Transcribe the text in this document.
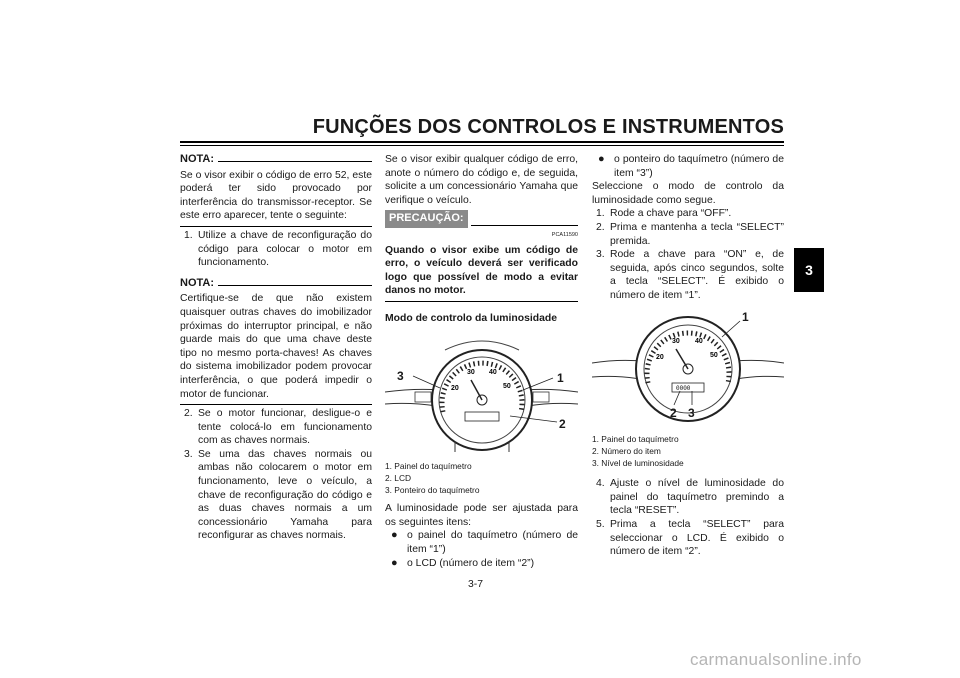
FUNÇÕES DOS CONTROLOS E INSTRUMENTOS
3
NOTA:

Se o visor exibir o código de erro 52, este poderá ter sido provocado por interferência do transmissor-receptor. Se este erro aparecer, tente o seguinte:

1. Utilize a chave de reconfiguração do código para colocar o motor em funcionamento.
NOTA:

Certifique-se de que não existem quaisquer outras chaves do imobilizador próximas do interruptor principal, e não guarde mais do que uma chave deste tipo no mesmo porta-chaves! As chaves do sistema imobilizador podem provocar interferência, o que poderá impedir o motor de funcionar.

2. Se o motor funcionar, desligue-o e tente colocá-lo em funcionamento com as chaves normais.
3. Se uma das chaves normais ou ambas não colocarem o motor em funcionamento, leve o veículo, a chave de reconfiguração do código e as duas chaves normais a um concessionário Yamaha para reconfigurar as chaves normais.

Se o visor exibir qualquer código de erro, anote o número do código e, de seguida, solicite a um concessionário Yamaha que verifique o veículo.

PRECAUÇÃO:
PCA11590

Quando o visor exibe um código de erro, o veículo deverá ser verificado logo que possível de modo a evitar danos no motor.

Modo de controlo da luminosidade

20
30 40
50
3	1
2
1. Painel do taquímetro
2. LCD
3. Ponteiro do taquímetro

A luminosidade pode ser ajustada para os seguintes itens:

● o painel do taquímetro (número de item “1”)
● o LCD (número de item “2”)
● o ponteiro do taquímetro (número de item “3”)

Seleccione o modo de controlo da luminosidade como segue.

1. Rode a chave para “OFF”.
2. Prima e mantenha a tecla “SELECT” premida.
3. Rode a chave para “ON” e, de seguida, após cinco segundos, solte a tecla “SELECT”. É exibido o número de item “1”.
20
30 40
50
0000
1
2 3
1. Painel do taquímetro
2. Número do item
3. Nível de luminosidade
4. Ajuste o nível de luminosidade do painel do taquímetro premindo a tecla “RESET”.
5. Prima a tecla “SELECT” para seleccionar o LCD. É exibido o número de item “2”.
3-7
carmanualsonline.info
